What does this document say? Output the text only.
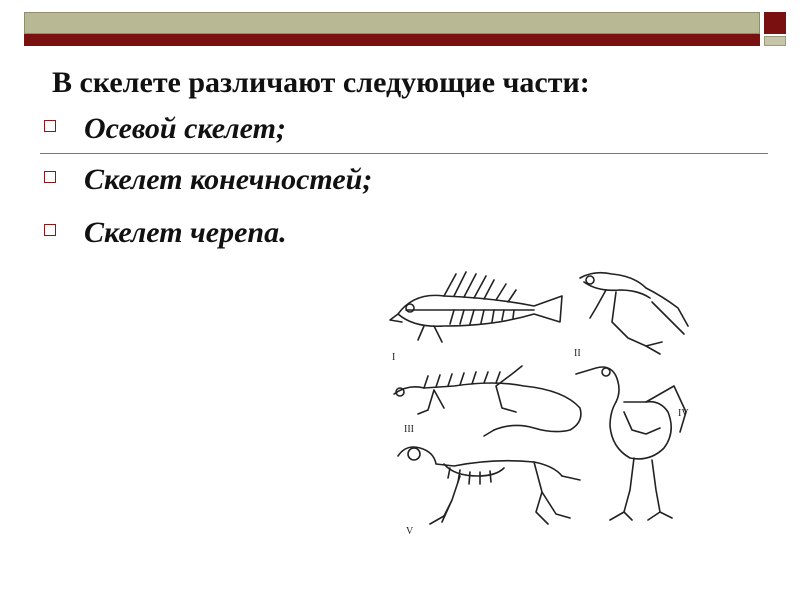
В скелете различают следующие части:
Осевой скелет;
Скелет конечностей;
Скелет черепа.
I	II
III
IV
V
